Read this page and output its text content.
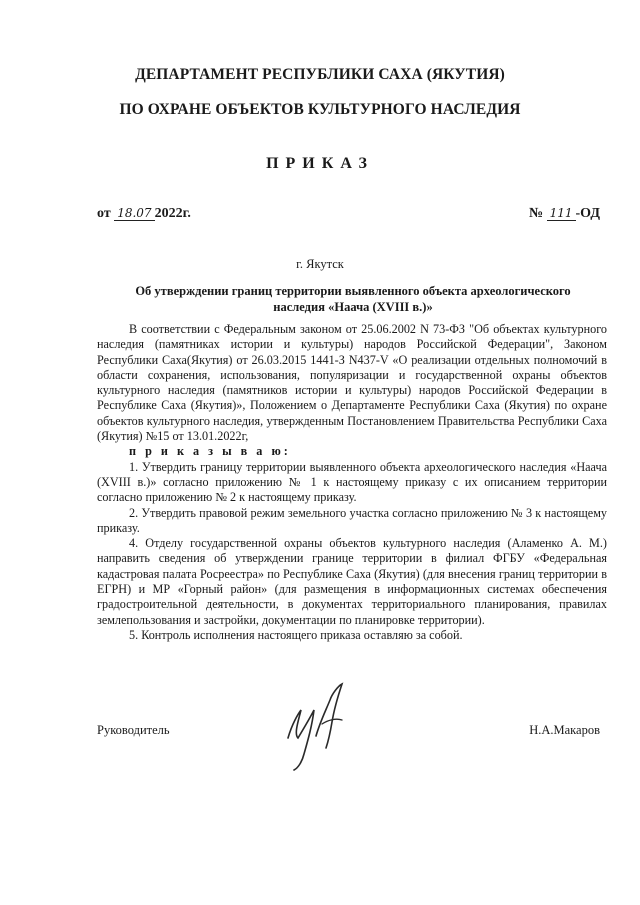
ДЕПАРТАМЕНТ РЕСПУБЛИКИ САХА (ЯКУТИЯ)
ПО ОХРАНЕ ОБЪЕКТОВ КУЛЬТУРНОГО НАСЛЕДИЯ
ПРИКАЗ
от 18.07 2022г.	№ 111 -ОД
г. Якутск
Об утверждении границ территории выявленного объекта археологического
наследия «Наача (XVIII в.)»

В соответствии с Федеральным законом от 25.06.2002 N 73-ФЗ "Об объектах культурного наследия (памятниках истории и культуры) народов Российской Федерации", Законом Республики Саха(Якутия) от 26.03.2015 1441-З N437-V «О реализации отдельных полномочий в области сохранения, использования, популяризации и государственной охраны объектов культурного наследия (памятников истории и культуры) народов Российской Федерации в Республике Саха (Якутия)», Положением о Департаменте Республики Саха (Якутия) по охране объектов культурного наследия, утвержденным Постановлением Правительства Республики Саха (Якутия) №15 от 13.01.2022г,

п р и к а з ы в а ю:

1. Утвердить границу территории выявленного объекта археологического наследия «Наача (XVIII в.)» согласно приложению № 1 к настоящему приказу с их описанием территории согласно приложению № 2 к настоящему приказу.

2. Утвердить правовой режим земельного участка согласно приложению № 3 к настоящему приказу.

4. Отделу государственной охраны объектов культурного наследия (Аламенко А. М.) направить сведения об утверждении границе территории в филиал ФГБУ «Федеральная кадастровая палата Росреестра» по Республике Саха (Якутия) (для внесения границ территории в ЕГРН) и МР «Горный район» (для размещения в информационных системах обеспечения градостроительной деятельности, в документах территориального планирования, правилах землепользования и застройки, документации по планировке территории).

5. Контроль исполнения настоящего приказа оставляю за собой.

Руководитель	Н.А.Макаров
